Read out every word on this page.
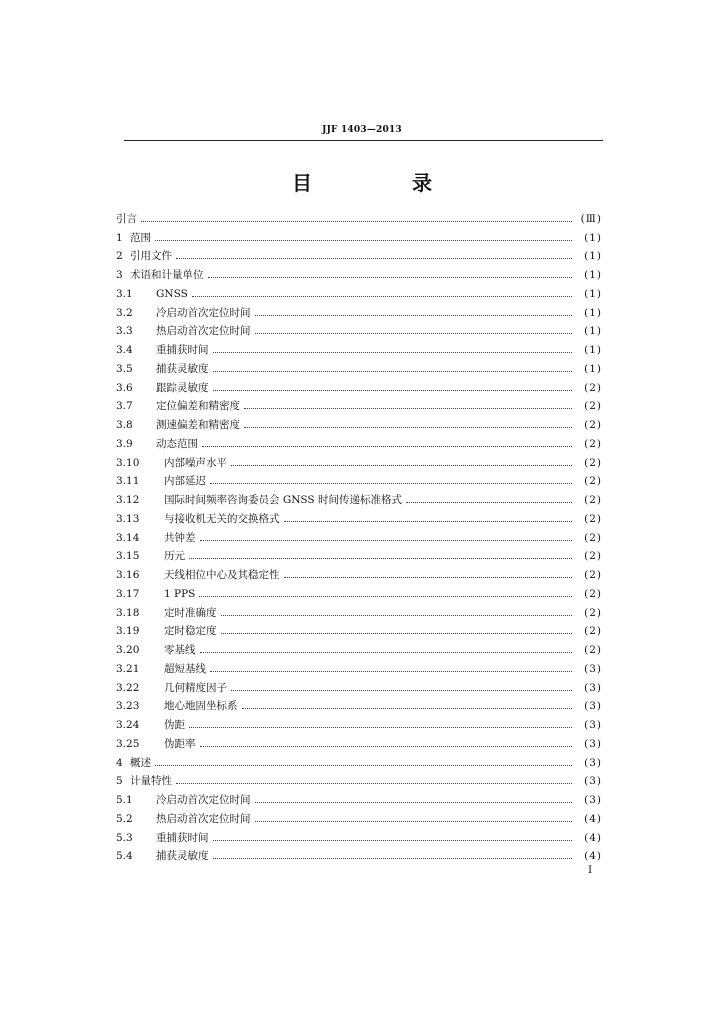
JJF 1403—2013
目　录
引言	(Ⅲ)
1 范围	(1)
2 引用文件	(1)
3 术语和计量单位	(1)
3.1	GNSS	(1)
3.2	冷启动首次定位时间	(1)
3.3	热启动首次定位时间	(1)
3.4	重捕获时间	(1)
3.5	捕获灵敏度	(1)
3.6	跟踪灵敏度	(2)
3.7	定位偏差和精密度	(2)
3.8	测速偏差和精密度	(2)
3.9	动态范围	(2)
3.10	内部噪声水平	(2)
3.11	内部延迟	(2)
3.12	国际时间频率咨询委员会 GNSS 时间传递标准格式	(2)
3.13	与接收机无关的交换格式	(2)
3.14	共钟差	(2)
3.15	历元	(2)
3.16	天线相位中心及其稳定性	(2)
3.17	1 PPS	(2)
3.18	定时准确度	(2)
3.19	定时稳定度	(2)
3.20	零基线	(2)
3.21	超短基线	(3)
3.22	几何精度因子	(3)
3.23	地心地固坐标系	(3)
3.24	伪距	(3)
3.25	伪距率	(3)
4 概述	(3)
5 计量特性	(3)
5.1	冷启动首次定位时间	(3)
5.2	热启动首次定位时间	(4)
5.3	重捕获时间	(4)
5.4	捕获灵敏度	(4)
I
